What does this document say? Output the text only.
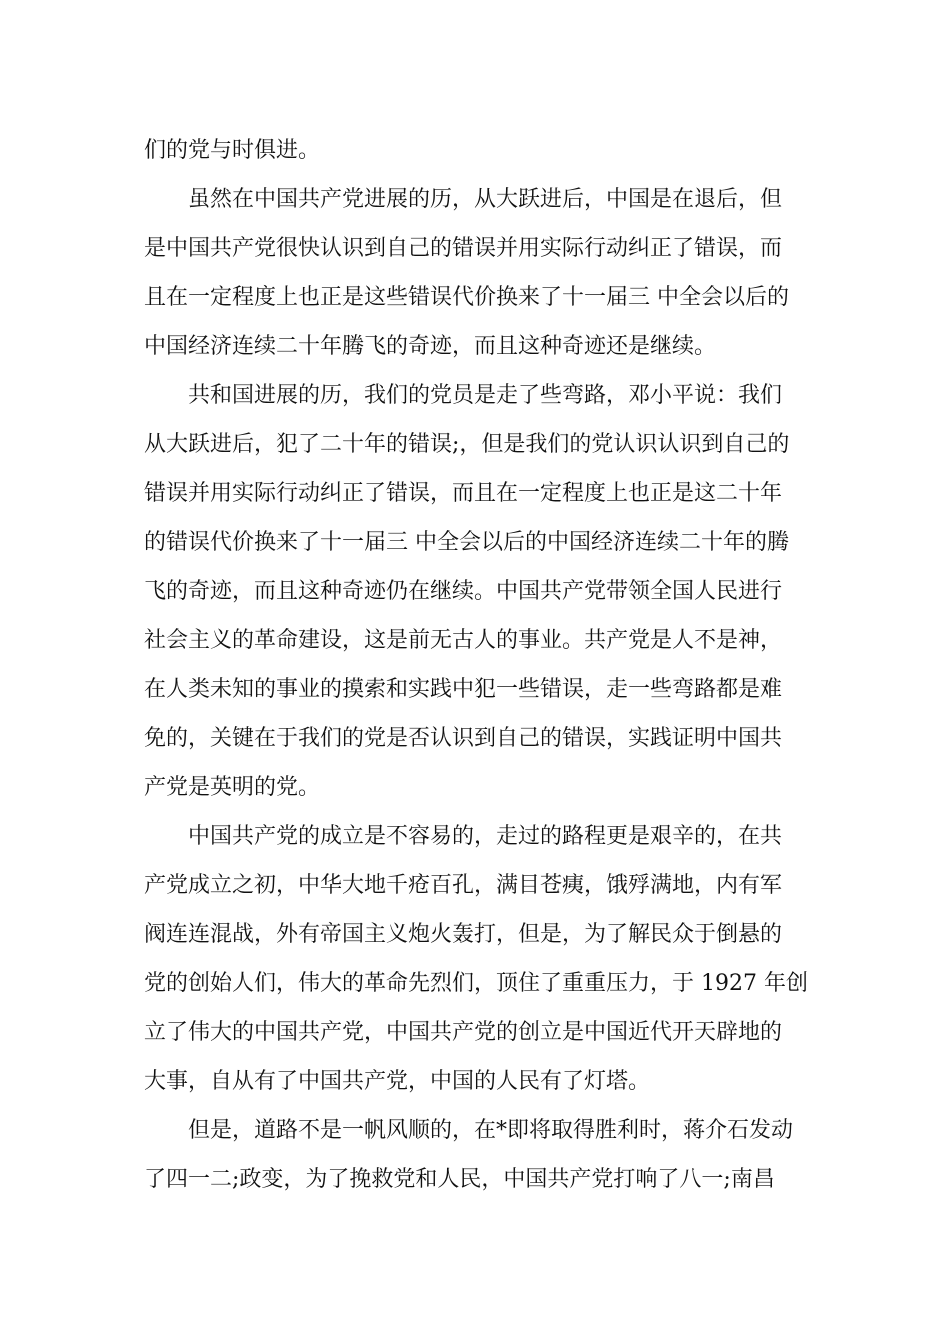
们的党与时俱进。
虽然在中国共产党进展的历，从大跃进后，中国是在退后，但
是中国共产党很快认识到自己的错误并用实际行动纠正了错误，而
且在一定程度上也正是这些错误代价换来了十一届三 中全会以后的
中国经济连续二十年腾飞的奇迹，而且这种奇迹还是继续。
共和国进展的历，我们的党员是走了些弯路，邓小平说：我们
从大跃进后，犯了二十年的错误;，但是我们的党认识认识到自己的
错误并用实际行动纠正了错误，而且在一定程度上也正是这二十年
的错误代价换来了十一届三 中全会以后的中国经济连续二十年的腾
飞的奇迹，而且这种奇迹仍在继续。中国共产党带领全国人民进行
社会主义的革命建设，这是前无古人的事业。共产党是人不是神，
在人类未知的事业的摸索和实践中犯一些错误，走一些弯路都是难
免的，关键在于我们的党是否认识到自己的错误，实践证明中国共
产党是英明的党。
中国共产党的成立是不容易的，走过的路程更是艰辛的，在共
产党成立之初，中华大地千疮百孔，满目苍痍，饿殍满地，内有军
阀连连混战，外有帝国主义炮火轰打，但是，为了解民众于倒悬的
党的创始人们，伟大的革命先烈们，顶住了重重压力，于 1927 年创
立了伟大的中国共产党，中国共产党的创立是中国近代开天辟地的
大事，自从有了中国共产党，中国的人民有了灯塔。
但是，道路不是一帆风顺的，在*即将取得胜利时，蒋介石发动
了四一二;政变，为了挽救党和人民，中国共产党打响了八一;南昌
